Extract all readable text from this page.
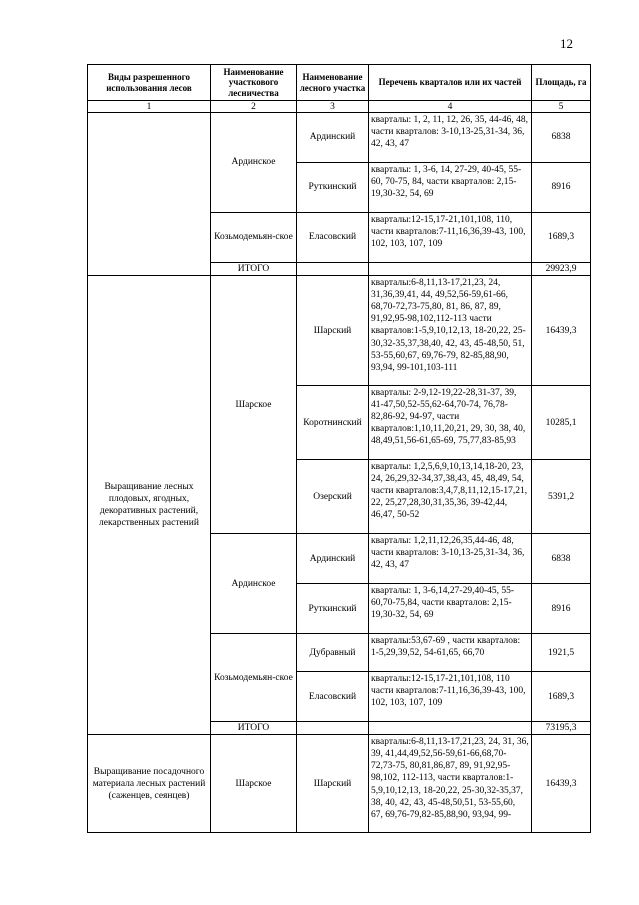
12
Виды разрешенного использования лесов	Наименование участкового лесничества	Наименование лесного участка	Перечень кварталов или их частей	Площадь, га
1	2	3	4	5
	Ардинское	Ардинский	кварталы: 1, 2, 11, 12, 26, 35, 44-46, 48, части кварталов: 3-10,13-25,31-34, 36, 42, 43, 47	6838
		Руткинский	кварталы: 1, 3-6, 14, 27-29, 40-45, 55-60, 70-75, 84, части кварталов: 2,15-19,30-32, 54, 69	8916
	Козьмодемьян-ское	Еласовский	кварталы:12-15,17-21,101,108, 110, части кварталов:7-11,16,36,39-43, 100, 102, 103, 107, 109	1689,3
	ИТОГО			29923,9
Выращивание лесных плодовых, ягодных, декоративных растений, лекарственных растений	Шарское	Шарский	кварталы:6-8,11,13-17,21,23, 24, 31,36,39,41, 44, 49,52,56-59,61-66, 68,70-72,73-75,80, 81, 86, 87, 89, 91,92,95-98,102,112-113 части кварталов:1-5,9,10,12,13, 18-20,22, 25-30,32-35,37,38,40, 42, 43, 45-48,50, 51, 53-55,60,67, 69,76-79, 82-85,88,90, 93,94, 99-101,103-111	16439,3
		Коротнинский	кварталы: 2-9,12-19,22-28,31-37, 39, 41-47,50,52-55,62-64,70-74, 76,78-82,86-92, 94-97, части кварталов:1,10,11,20,21, 29, 30, 38, 40, 48,49,51,56-61,65-69, 75,77,83-85,93	10285,1
		Озерский	кварталы: 1,2,5,6,9,10,13,14,18-20, 23, 24, 26,29,32-34,37,38,43, 45, 48,49, 54, части кварталов:3,4,7,8,11,12,15-17,21, 22, 25,27,28,30,31,35,36, 39-42,44, 46,47, 50-52	5391,2
	Ардинское	Ардинский	кварталы: 1,2,11,12,26,35,44-46, 48, части кварталов: 3-10,13-25,31-34, 36, 42, 43, 47	6838
		Руткинский	кварталы: 1, 3-6,14,27-29,40-45, 55-60,70-75,84, части кварталов: 2,15-19,30-32, 54, 69	8916
	Козьмодемьян-ское	Дубравный	кварталы:53,67-69 , части кварталов: 1-5,29,39,52, 54-61,65, 66,70	1921,5
		Еласовский	кварталы:12-15,17-21,101,108, 110 части кварталов:7-11,16,36,39-43, 100, 102, 103, 107, 109	1689,3
	ИТОГО			73195,3
Выращивание посадочного материала лесных растений (саженцев, сеянцев)	Шарское	Шарский	кварталы:6-8,11,13-17,21,23, 24, 31, 36, 39, 41,44,49,52,56-59,61-66,68,70-72,73-75, 80,81,86,87, 89, 91,92,95-98,102, 112-113, части кварталов:1-5,9,10,12,13, 18-20,22, 25-30,32-35,37, 38, 40, 42, 43, 45-48,50,51, 53-55,60, 67, 69,76-79,82-85,88,90, 93,94, 99-	16439,3
